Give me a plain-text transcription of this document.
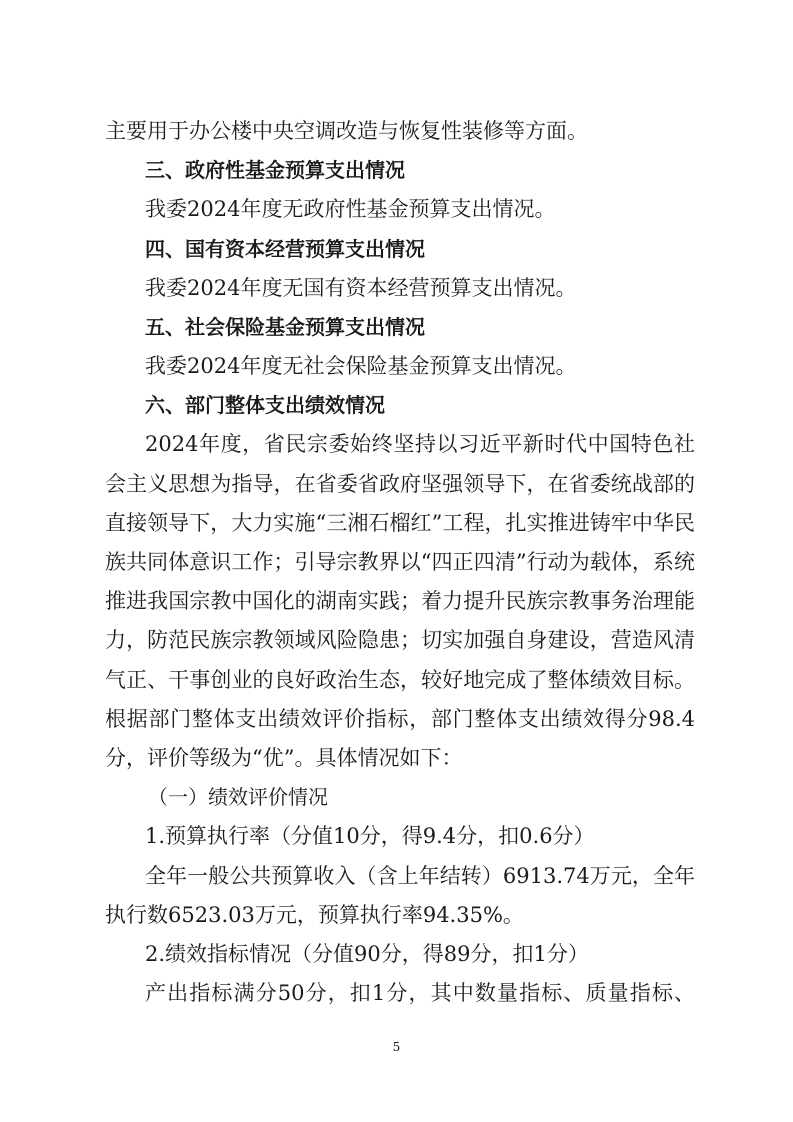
主要用于办公楼中央空调改造与恢复性装修等方面。
三、政府性基金预算支出情况
我委2024年度无政府性基金预算支出情况。
四、国有资本经营预算支出情况
我委2024年度无国有资本经营预算支出情况。
五、社会保险基金预算支出情况
我委2024年度无社会保险基金预算支出情况。
六、部门整体支出绩效情况
2024年度，省民宗委始终坚持以习近平新时代中国特色社
会主义思想为指导，在省委省政府坚强领导下，在省委统战部的
直接领导下，大力实施“三湘石榴红”工程，扎实推进铸牢中华民
族共同体意识工作；引导宗教界以“四正四清”行动为载体，系统
推进我国宗教中国化的湖南实践；着力提升民族宗教事务治理能
力，防范民族宗教领域风险隐患；切实加强自身建设，营造风清
气正、干事创业的良好政治生态，较好地完成了整体绩效目标。
根据部门整体支出绩效评价指标，部门整体支出绩效得分98.4
分，评价等级为“优”。具体情况如下：
（一）绩效评价情况
1.预算执行率（分值10分，得9.4分，扣0.6分）
全年一般公共预算收入（含上年结转）6913.74万元，全年
执行数6523.03万元，预算执行率94.35%。
2.绩效指标情况（分值90分，得89分，扣1分）
产出指标满分50分，扣1分，其中数量指标、质量指标、
5
